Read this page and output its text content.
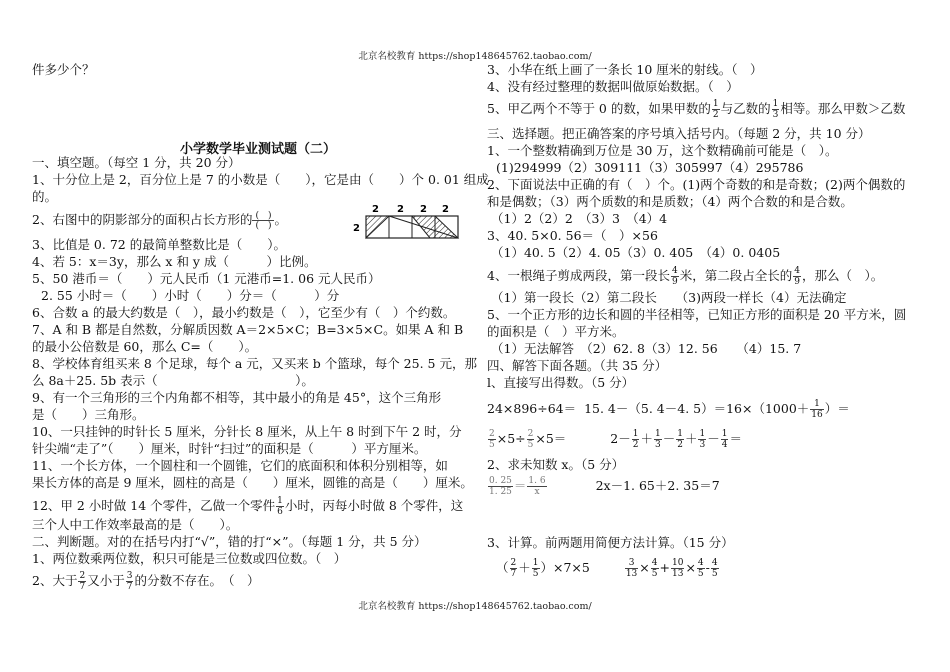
北京名校教育 https://shop148645762.taobao.com/
件多少个？
小学数学毕业测试题（二）
一、填空题。（每空 1 分，共 20 分）
1、十分位上是 2，百分位上是 7 的小数是（　　），它是由（　　）个 0. 01 组成
的。
2、右图中的阴影部分的面积占长方形的 (　)
(　) 。
3、比值是 0. 72 的最简单整数比是（　　）。
4、若 5：x＝3y，那么 x 和 y 成（　　　）比例。
5、50 港币＝（　　）元人民币（1 元港币=1. 06 元人民币）
2. 55 小时＝（　　）小时（　　）分＝（　　　）分
6、合数 a 的最大约数是（　），最小约数是（　），它至少有（　）个约数。
7、A 和 B 都是自然数，分解质因数 A＝2×5×C；B=3×5×C。如果 A 和 B
的最小公倍数是 60，那么 C=（　　）。
8、学校体育组买来 8 个足球，每个 a 元，又买来 b 个篮球，每个 25. 5 元，那
么 8a＋25. 5b 表示（　　　　　　　　　　　）。
9、有一个三角形的三个内角都不相等，其中最小的角是 45°，这个三角形
是（　　）三角形。
10、一只挂钟的时针长 5 厘米，分针长 8 厘米，从上午 8 时到下午 2 时，分
针尖端“走了”（　　）厘米，时针“扫过”的面积是（　　　）平方厘米。
11、一个长方体，一个圆柱和一个圆锥，它们的底面积和体积分别相等，如
果长方体的高是 9 厘米，圆柱的高是（　　）厘米，圆锥的高是（　　）厘米。
12、甲 2 小时做 14 个零件，乙做一个零件 $\frac{1}{6}$ 小时，丙每小时做 8 个零件，这
三个人中工作效率最高的是（　　）。
二、判断题。对的在括号内打“√”，错的打“×”。（每题 1 分，共 5 分）
1、两位数乘两位数，积只可能是三位数或四位数。（　）
2、大于 $\frac{2}{7}$ 又小于 $\frac{3}{7}$ 的分数不存在。　（　）
2 2 2 2
2
3、小华在纸上画了一条长 10 厘米的射线。（　）
4、没有经过整理的数据叫做原始数据。（　）
5、甲乙两个不等于 0 的数，如果甲数的 $\frac{1}{2}$ 与乙数的 $\frac{1}{3}$ 相等。那么甲数＞乙数
三、选择题。把正确答案的序号填入括号内。（每题 2 分，共 10 分）
1、一个整数精确到万位是 30 万，这个数精确前可能是（　）。
(1)294999（2）309111（3）305997（4）295786
2、下面说法中正确的有（　）个。(1)两个奇数的和是奇数；(2)两个偶数的
和是偶数；（3）两个质数的和是质数；（4）两个合数的和是合数。
（1）2（2）2　（3）3　（4）4
3、40. 5×0. 56＝（　）×56
（1）40. 5（2）4. 05（3）0. 405　（4）0. 0405
4、一根绳子剪成两段，第一段长 $\frac{4}{9}$ 米，第二段占全长的 $\frac{4}{9}$ ，那么（　）。
（1）第一段长（2）第二段长　　（3)两段一样长（4）无法确定
5、一个正方形的边长和圆的半径相等，已知正方形的面积是 20 平方米，圆
的面积是（　）平方米。
（1）无法解答　（2）62. 8（3）12. 56　　（4）15. 7
四、解答下面各题。（共 35 分）
l、直接写出得数。（5 分）
24×896÷64＝ 15. 4－（5. 4－4. $5)=16\times(1000+ \frac{1}{16}$ ）＝
$\frac{2}{5} \times 5\div \frac{2}{5} \times 5=$	$2- \frac{1}{2} + \frac{1}{3} - \frac{1}{2} + \frac{1}{3} - \frac{1}{4}$ ＝
2、求未知数 x。（5 分）
$\frac{0. 25}{1. 25} = \frac{1. 6}{x}$	2x－1. 65＋2. 35＝7
3、计算。前两题用简便方法计算。（15 分）
（ $\frac{2}{7} + \frac{1}{5} )\times 7\times 5$	$\frac{3}{13} \times \frac{4}{5} + \frac{10}{13} \times \frac{4}{5} - \frac{4}{5}$
北京名校教育 https://shop148645762.taobao.com/
